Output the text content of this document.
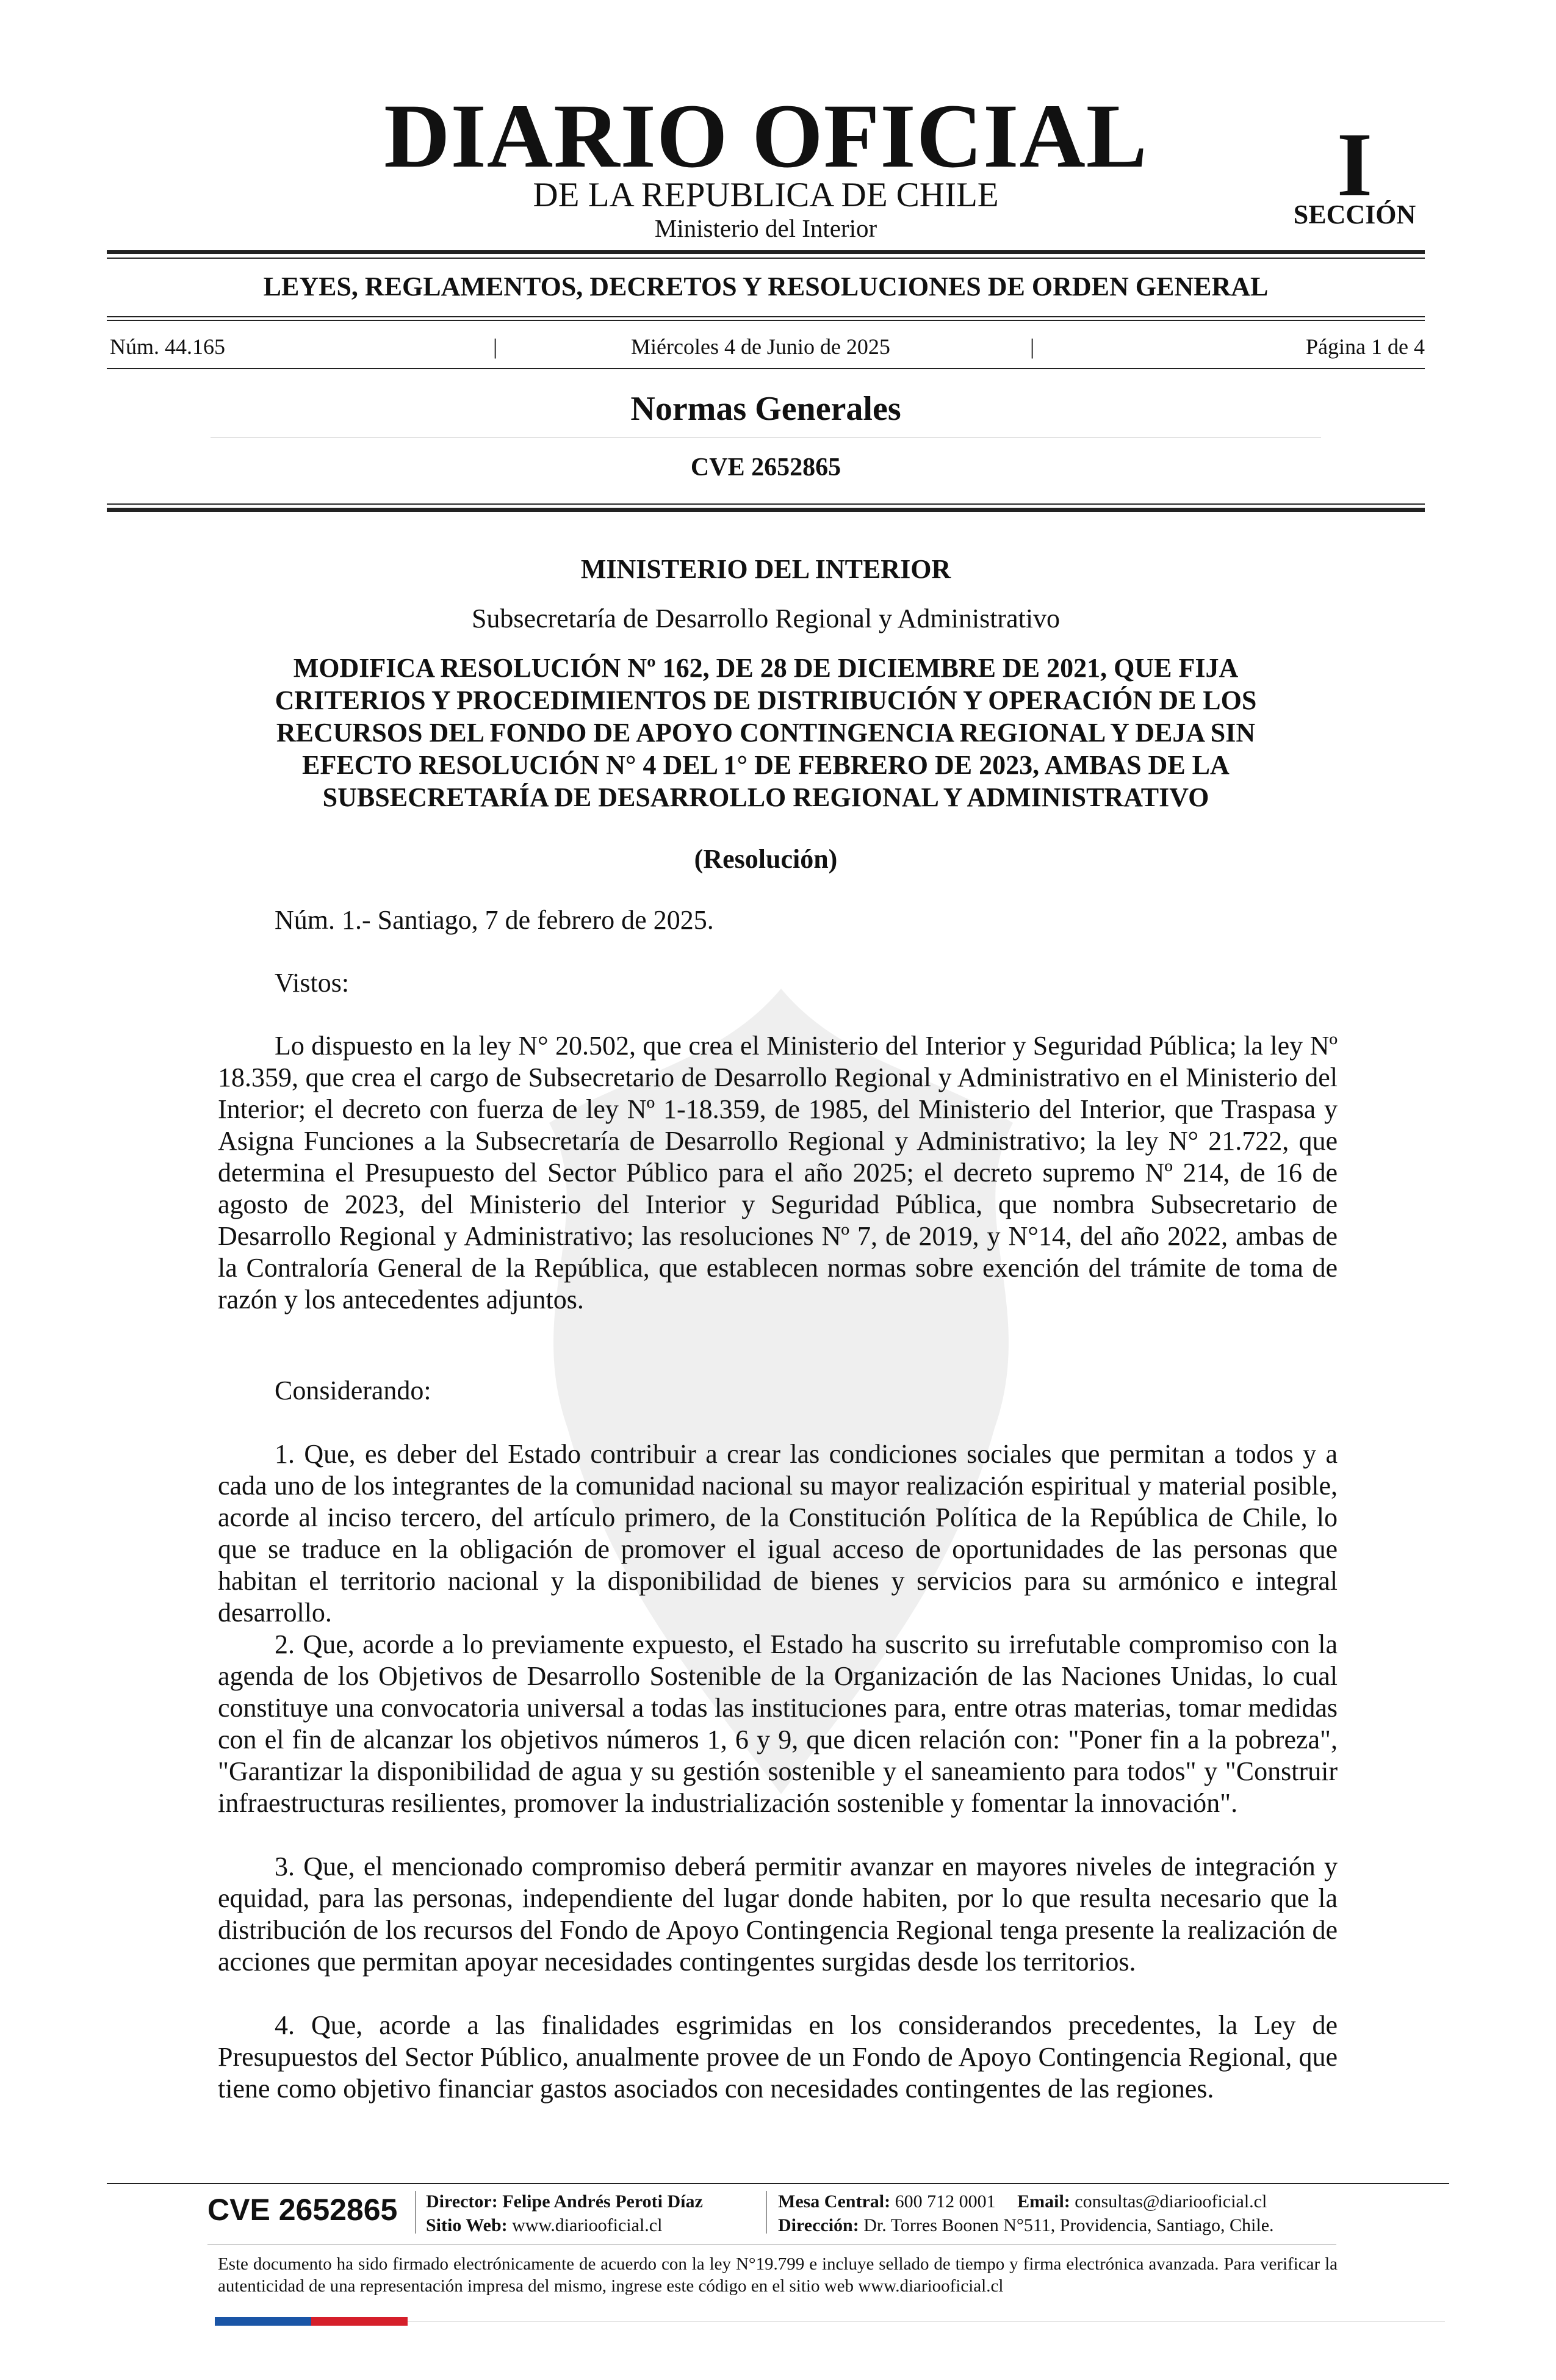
DIARIO OFICIAL
DE LA REPUBLICA DE CHILE
Ministerio del Interior
I
SECCIÓN
LEYES, REGLAMENTOS, DECRETOS Y RESOLUCIONES DE ORDEN GENERAL
Núm. 44.165	|	Miércoles 4 de Junio de 2025	|	Página 1 de 4
Normas Generales
CVE 2652865
MINISTERIO DEL INTERIOR
Subsecretaría de Desarrollo Regional y Administrativo
MODIFICA RESOLUCIÓN Nº 162, DE 28 DE DICIEMBRE DE 2021, QUE FIJA
CRITERIOS Y PROCEDIMIENTOS DE DISTRIBUCIÓN Y OPERACIÓN DE LOS
RECURSOS DEL FONDO DE APOYO CONTINGENCIA REGIONAL Y DEJA SIN
EFECTO RESOLUCIÓN N° 4 DEL 1° DE FEBRERO DE 2023, AMBAS DE LA
SUBSECRETARÍA DE DESARROLLO REGIONAL Y ADMINISTRATIVO
(Resolución)

Núm. 1.- Santiago, 7 de febrero de 2025.

Vistos:

Lo dispuesto en la ley N° 20.502, que crea el Ministerio del Interior y Seguridad Pública; la ley Nº 18.359, que crea el cargo de Subsecretario de Desarrollo Regional y Administrativo en el Ministerio del Interior; el decreto con fuerza de ley Nº 1-18.359, de 1985, del Ministerio del Interior, que Traspasa y Asigna Funciones a la Subsecretaría de Desarrollo Regional y Administrativo; la ley N° 21.722, que determina el Presupuesto del Sector Público para el año 2025; el decreto supremo Nº 214, de 16 de agosto de 2023, del Ministerio del Interior y Seguridad Pública, que nombra Subsecretario de Desarrollo Regional y Administrativo; las resoluciones Nº 7, de 2019, y N°14, del año 2022, ambas de la Contraloría General de la República, que establecen normas sobre exención del trámite de toma de razón y los antecedentes adjuntos.

Considerando:

1. Que, es deber del Estado contribuir a crear las condiciones sociales que permitan a todos y a cada uno de los integrantes de la comunidad nacional su mayor realización espiritual y material posible, acorde al inciso tercero, del artículo primero, de la Constitución Política de la República de Chile, lo que se traduce en la obligación de promover el igual acceso de oportunidades de las personas que habitan el territorio nacional y la disponibilidad de bienes y servicios para su armónico e integral desarrollo.

2. Que, acorde a lo previamente expuesto, el Estado ha suscrito su irrefutable compromiso con la agenda de los Objetivos de Desarrollo Sostenible de la Organización de las Naciones Unidas, lo cual constituye una convocatoria universal a todas las instituciones para, entre otras materias, tomar medidas con el fin de alcanzar los objetivos números 1, 6 y 9, que dicen relación con: "Poner fin a la pobreza", "Garantizar la disponibilidad de agua y su gestión sostenible y el saneamiento para todos" y "Construir infraestructuras resilientes, promover la industrialización sostenible y fomentar la innovación".

3. Que, el mencionado compromiso deberá permitir avanzar en mayores niveles de integración y equidad, para las personas, independiente del lugar donde habiten, por lo que resulta necesario que la distribución de los recursos del Fondo de Apoyo Contingencia Regional tenga presente la realización de acciones que permitan apoyar necesidades contingentes surgidas desde los territorios.

4. Que, acorde a las finalidades esgrimidas en los considerandos precedentes, la Ley de Presupuestos del Sector Público, anualmente provee de un Fondo de Apoyo Contingencia Regional, que tiene como objetivo financiar gastos asociados con necesidades contingentes de las regiones.

CVE 2652865 Director: Felipe Andrés Peroti Díaz
Sitio Web: www.diariooficial.cl
Mesa Central: 600 712 0001 Email: consultas@diariooficial.cl
Dirección: Dr. Torres Boonen N°511, Providencia, Santiago, Chile.
Este documento ha sido firmado electrónicamente de acuerdo con la ley N°19.799 e incluye sellado de tiempo y firma electrónica avanzada. Para verificar la autenticidad de una representación impresa del mismo, ingrese este código en el sitio web www.diariooficial.cl
